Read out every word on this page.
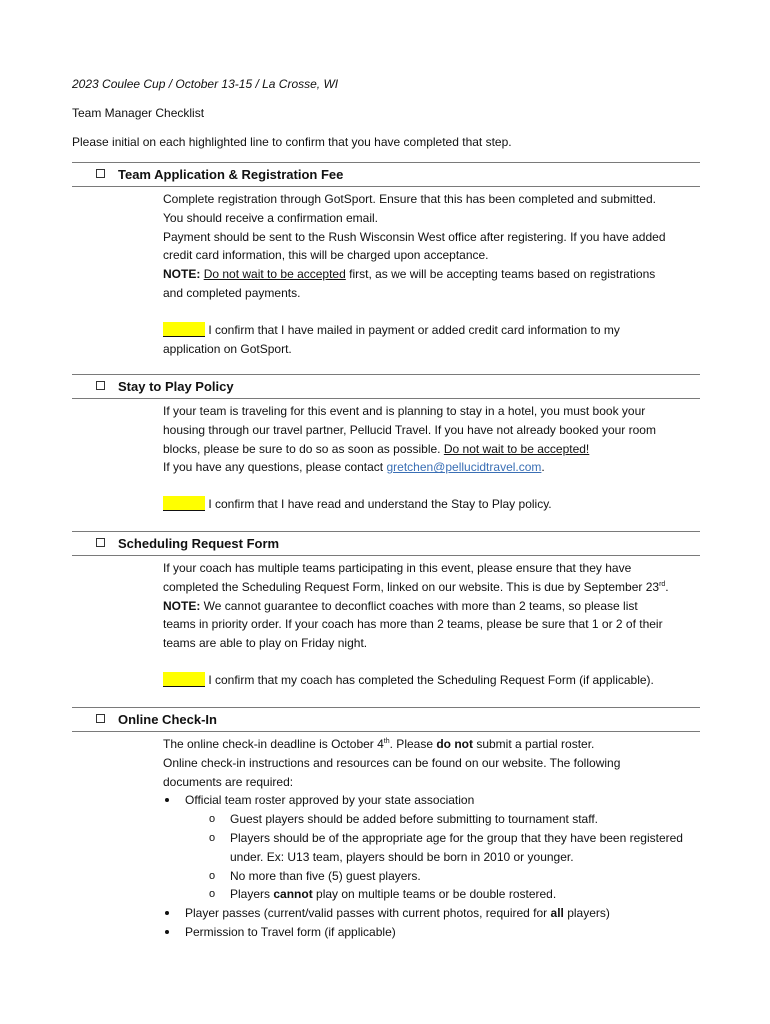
2023 Coulee Cup / October 13-15 / La Crosse, WI
Team Manager Checklist
Please initial on each highlighted line to confirm that you have completed that step.
Team Application & Registration Fee

Complete registration through GotSport. Ensure that this has been completed and submitted.

You should receive a confirmation email.

Payment should be sent to the Rush Wisconsin West office after registering. If you have added

credit card information, this will be charged upon acceptance.

NOTE: Do not wait to be accepted first, as we will be accepting teams based on registrations

and completed payments.

I confirm that I have mailed in payment or added credit card information to my

application on GotSport.

Stay to Play Policy

If your team is traveling for this event and is planning to stay in a hotel, you must book your

housing through our travel partner, Pellucid Travel. If you have not already booked your room

blocks, please be sure to do so as soon as possible. Do not wait to be accepted!

If you have any questions, please contact gretchen@pellucidtravel.com.

I confirm that I have read and understand the Stay to Play policy.

Scheduling Request Form

If your coach has multiple teams participating in this event, please ensure that they have

completed the Scheduling Request Form, linked on our website. This is due by September 23rd.

NOTE: We cannot guarantee to deconflict coaches with more than 2 teams, so please list

teams in priority order. If your coach has more than 2 teams, please be sure that 1 or 2 of their

teams are able to play on Friday night.

I confirm that my coach has completed the Scheduling Request Form (if applicable).

Online Check-In

The online check-in deadline is October 4th. Please do not submit a partial roster.

Online check-in instructions and resources can be found on our website. The following

documents are required:

Official team roster approved by your state association
o Guest players should be added before submitting to tournament staff.
o Players should be of the appropriate age for the group that they have been registered under. Ex: U13 team, players should be born in 2010 or younger.
o No more than five (5) guest players.
o Players cannot play on multiple teams or be double rostered.
Player passes (current/valid passes with current photos, required for all players)
Permission to Travel form (if applicable)
